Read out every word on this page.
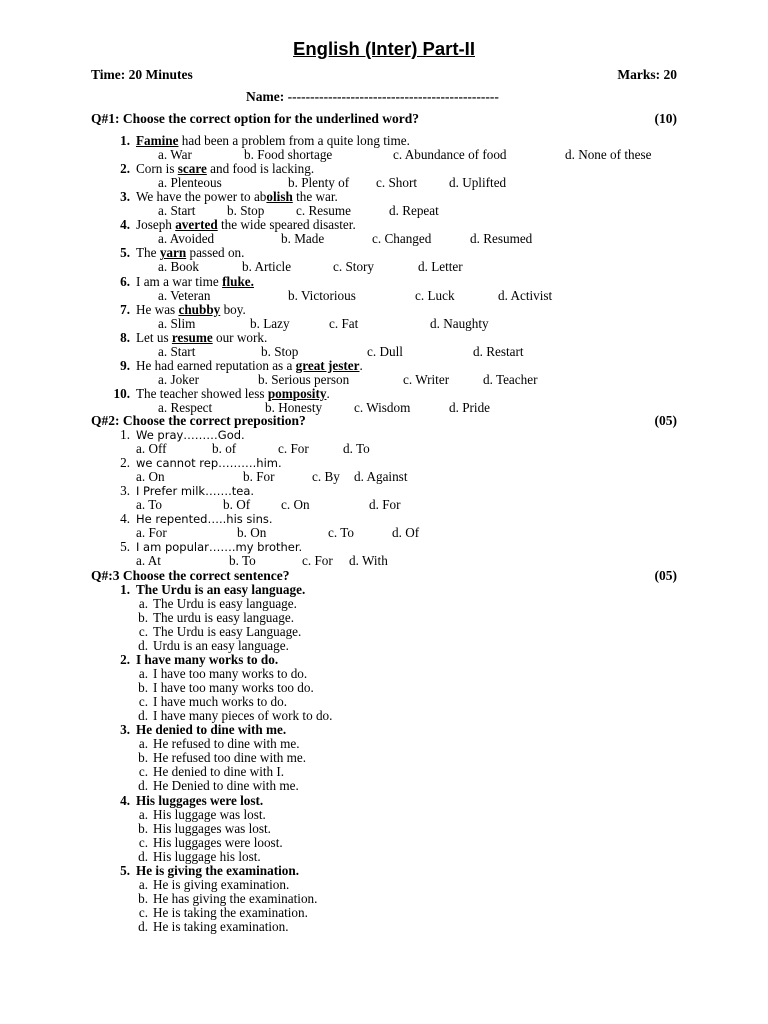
English (Inter) Part-II
Time: 20 Minutes	Marks: 20
Name: -----------------------------------------------
Q#1: Choose the correct option for the underlined word?	(10)
1. Famine had been a problem from a quite long time.
a. War	b. Food shortage	c. Abundance of food	d. None of these
2. Corn is scare and food is lacking.
a. Plenteous	b. Plenty of c. Short d. Uplifted
3. We have the power to abolish the war.
a. Start b. Stop c. Resume	d. Repeat
4. Joseph averted the wide speared disaster.
a. Avoided	b. Made	c. Changed	d. Resumed
5. The yarn passed on.
a. Book	b. Article	c. Story	d. Letter
6. I am a war time fluke.
a. Veteran	b. Victorious	c. Luck	d. Activist
7. He was chubby boy.
a. Slim	b. Lazy	c. Fat	d. Naughty
8. Let us resume our work.
a. Start	b. Stop	c. Dull	d. Restart
9. He had earned reputation as a great jester.
a. Joker	b. Serious person	c. Writer	d. Teacher
10. The teacher showed less pomposity.
a. Respect	b. Honesty c. Wisdom	d. Pride
Q#2: Choose the correct preposition?	(05)
1. We pray………God.
a. Off	b. of	c. For	d. To
2. we cannot rep……….him.
a. On	b. For	c. By d. Against
3. I Prefer milk…….tea.
a. To	b. Of c. On	d. For
4. He repented…..his sins.
a. For	b. On	c. To	d. Of
5. I am popular…….my brother.
a. At	b. To	c. For d. With
Q#:3 Choose the correct sentence?	(05)
1. The Urdu is an easy language.
a. The Urdu is easy language.
b. The urdu is easy language.
c. The Urdu is easy Language.
d. Urdu is an easy language.
2. I have many works to do.
a. I have too many works to do.
b. I have too many works too do.
c. I have much works to do.
d. I have many pieces of work to do.
3. He denied to dine with me.
a. He refused to dine with me.
b. He refused too dine with me.
c. He denied to dine with I.
d. He Denied to dine with me.
4. His luggages were lost.
a. His luggage was lost.
b. His luggages was lost.
c. His luggages were loost.
d. His luggage his lost.
5. He is giving the examination.
a. He is giving examination.
b. He has giving the examination.
c. He is taking the examination.
d. He is taking examination.
